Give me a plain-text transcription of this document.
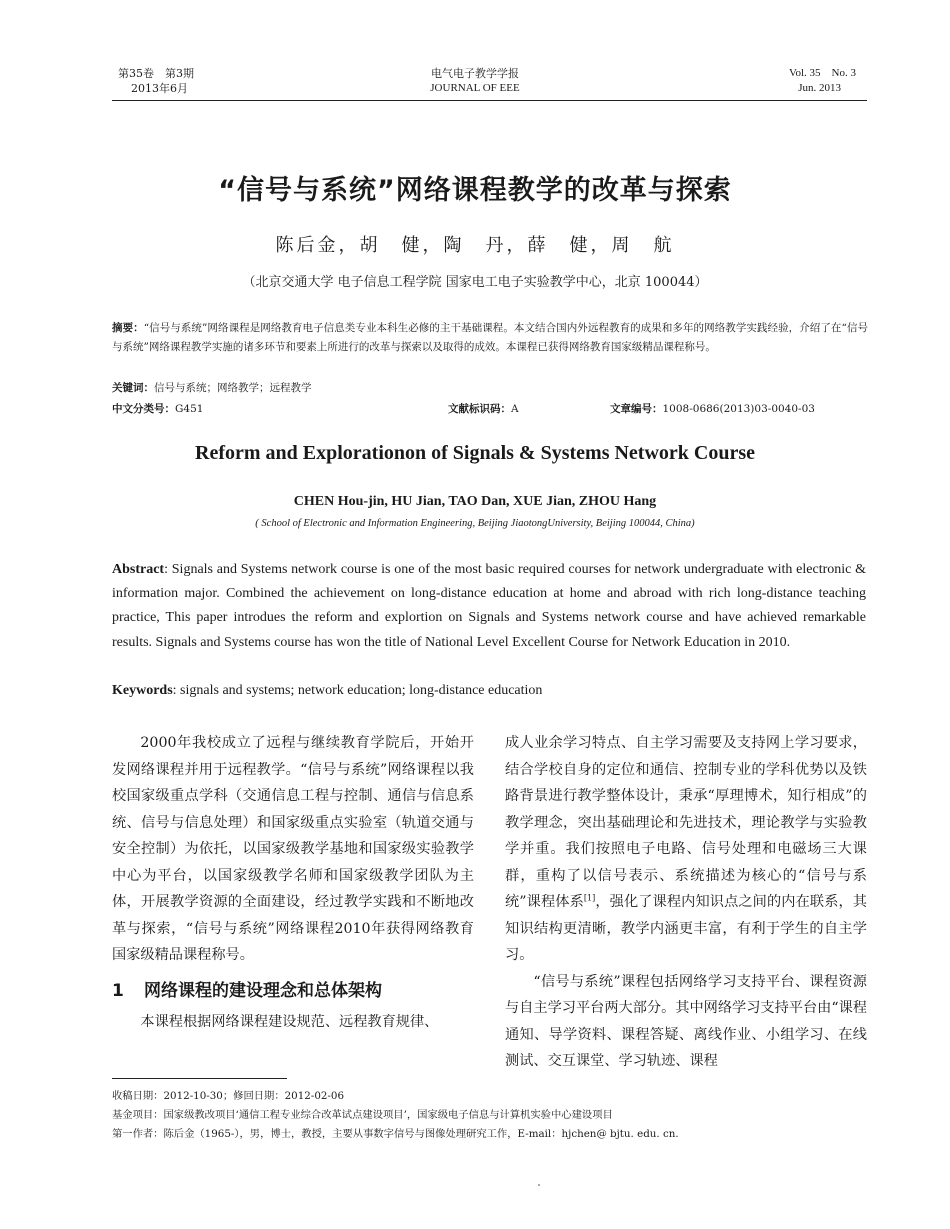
第35卷　第3期
2013年6月
电气电子教学学报
JOURNAL OF EEE
Vol. 35　No. 3
Jun. 2013
“信号与系统”网络课程教学的改革与探索
陈后金，胡　健，陶　丹，薛　健，周　航
（北京交通大学 电子信息工程学院 国家电工电子实验教学中心，北京 100044）
摘要：“信号与系统”网络课程是网络教育电子信息类专业本科生必修的主干基础课程。本文结合国内外远程教育的成果和多年的网络教学实践经验，介绍了在“信号与系统”网络课程教学实施的诸多环节和要素上所进行的改革与探索以及取得的成效。本课程已获得网络教育国家级精品课程称号。
关键词：信号与系统；网络教学；远程教学
中文分类号：G451	文献标识码：A	文章编号：1008-0686(2013)03-0040-03
Reform and Explorationon of Signals & Systems Network Course
CHEN Hou-jin, HU Jian, TAO Dan, XUE Jian, ZHOU Hang
( School of Electronic and Information Engineering, Beijing JiaotongUniversity, Beijing 100044, China)
Abstract: Signals and Systems network course is one of the most basic required courses for network undergraduate with electronic & information major. Combined the achievement on long-distance education at home and abroad with rich long-distance teaching practice, This paper introdues the reform and explortion on Signals and Systems network course and have achieved remarkable results. Signals and Systems course has won the title of National Level Excellent Course for Network Education in 2010.
Keywords: signals and systems; network education; long-distance education

2000年我校成立了远程与继续教育学院后，开始开发网络课程并用于远程教学。“信号与系统”网络课程以我校国家级重点学科（交通信息工程与控制、通信与信息系统、信号与信息处理）和国家级重点实验室（轨道交通与安全控制）为依托，以国家级教学基地和国家级实验教学中心为平台，以国家级教学名师和国家级教学团队为主体，开展教学资源的全面建设，经过教学实践和不断地改革与探索，“信号与系统”网络课程2010年获得网络教育国家级精品课程称号。

1 网络课程的建设理念和总体架构

本课程根据网络课程建设规范、远程教育规律、

成人业余学习特点、自主学习需要及支持网上学习要求，结合学校自身的定位和通信、控制专业的学科优势以及铁路背景进行教学整体设计，秉承“厚理博术，知行相成”的教学理念，突出基础理论和先进技术，理论教学与实验教学并重。我们按照电子电路、信号处理和电磁场三大课群，重构了以信号表示、系统描述为核心的“信号与系统”课程体系[1]，强化了课程内知识点之间的内在联系，其知识结构更清晰，教学内涵更丰富，有利于学生的自主学习。

“信号与系统”课程包括网络学习支持平台、课程资源与自主学习平台两大部分。其中网络学习支持平台由“课程通知、导学资料、课程答疑、离线作业、小组学习、在线测试、交互课堂、学习轨迹、课程

收稿日期：2012-10-30；修回日期：2012-02-06
基金项目：国家级教改项目‘通信工程专业综合改革试点建设项目’，国家级电子信息与计算机实验中心建设项目
第一作者：陈后金（1965-），男，博士，教授，主要从事数字信号与图像处理研究工作，E-mail：hjchen@ bjtu. edu. cn.
